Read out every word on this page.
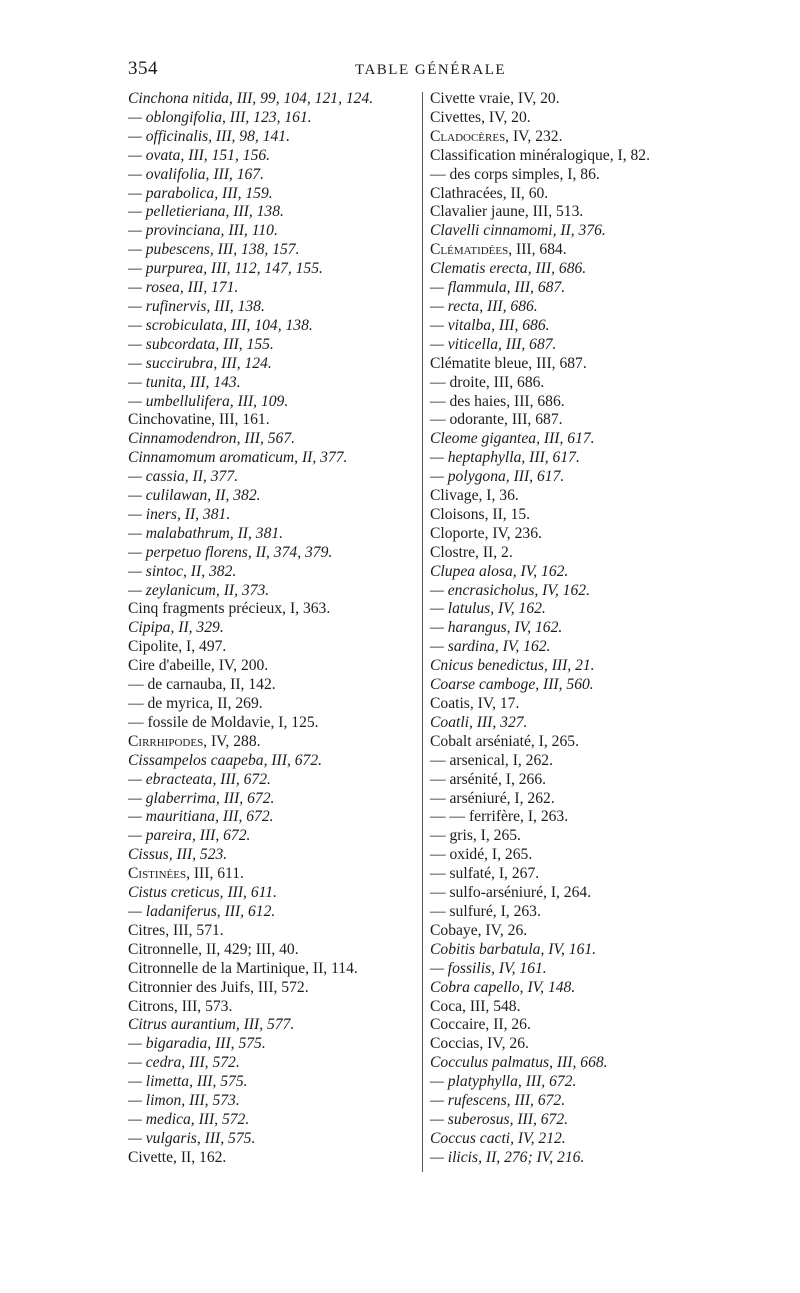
354	TABLE GÉNÉRALE
Cinchona nitida, III, 99, 104, 121, 124.
— oblongifolia, III, 123, 161.
— officinalis, III, 98, 141.
— ovata, III, 151, 156.
— ovalifolia, III, 167.
— parabolica, III, 159.
— pelletieriana, III, 138.
— provinciana, III, 110.
— pubescens, III, 138, 157.
— purpurea, III, 112, 147, 155.
— rosea, III, 171.
— rufinervis, III, 138.
— scrobiculata, III, 104, 138.
— subcordata, III, 155.
— succirubra, III, 124.
— tunita, III, 143.
— umbellulifera, III, 109.
Cinchovatine, III, 161.
Cinnamodendron, III, 567.
Cinnamomum aromaticum, II, 377.
— cassia, II, 377.
— culilawan, II, 382.
— iners, II, 381.
— malabathrum, II, 381.
— perpetuo florens, II, 374, 379.
— sintoc, II, 382.
— zeylanicum, II, 373.
Cinq fragments précieux, I, 363.
Cipipa, II, 329.
Cipolite, I, 497.
Cire d'abeille, IV, 200.
— de carnauba, II, 142.
— de myrica, II, 269.
— fossile de Moldavie, I, 125.
Cirrhipodes, IV, 288.
Cissampelos caapeba, III, 672.
— ebracteata, III, 672.
— glaberrima, III, 672.
— mauritiana, III, 672.
— pareira, III, 672.
Cissus, III, 523.
Cistinées, III, 611.
Cistus creticus, III, 611.
— ladaniferus, III, 612.
Citres, III, 571.
Citronnelle, II, 429; III, 40.
Citronnelle de la Martinique, II, 114.
Citronnier des Juifs, III, 572.
Citrons, III, 573.
Citrus aurantium, III, 577.
— bigaradia, III, 575.
— cedra, III, 572.
— limetta, III, 575.
— limon, III, 573.
— medica, III, 572.
— vulgaris, III, 575.
Civette, II, 162.
Civette vraie, IV, 20.
Civettes, IV, 20.
Cladocères, IV, 232.
Classification minéralogique, I, 82.
— des corps simples, I, 86.
Clathracées, II, 60.
Clavalier jaune, III, 513.
Clavelli cinnamomi, II, 376.
Clématidées, III, 684.
Clematis erecta, III, 686.
— flammula, III, 687.
— recta, III, 686.
— vitalba, III, 686.
— viticella, III, 687.
Clématite bleue, III, 687.
— droite, III, 686.
— des haies, III, 686.
— odorante, III, 687.
Cleome gigantea, III, 617.
— heptaphylla, III, 617.
— polygona, III, 617.
Clivage, I, 36.
Cloisons, II, 15.
Cloporte, IV, 236.
Clostre, II, 2.
Clupea alosa, IV, 162.
— encrasicholus, IV, 162.
— latulus, IV, 162.
— harangus, IV, 162.
— sardina, IV, 162.
Cnicus benedictus, III, 21.
Coarse camboge, III, 560.
Coatis, IV, 17.
Coatli, III, 327.
Cobalt arséniaté, I, 265.
— arsenical, I, 262.
— arsénité, I, 266.
— arséniuré, I, 262.
— — ferrifère, I, 263.
— gris, I, 265.
— oxidé, I, 265.
— sulfaté, I, 267.
— sulfo-arséniuré, I, 264.
— sulfuré, I, 263.
Cobaye, IV, 26.
Cobitis barbatula, IV, 161.
— fossilis, IV, 161.
Cobra capello, IV, 148.
Coca, III, 548.
Coccaire, II, 26.
Coccias, IV, 26.
Cocculus palmatus, III, 668.
— platyphylla, III, 672.
— rufescens, III, 672.
— suberosus, III, 672.
Coccus cacti, IV, 212.
— ilicis, II, 276; IV, 216.
